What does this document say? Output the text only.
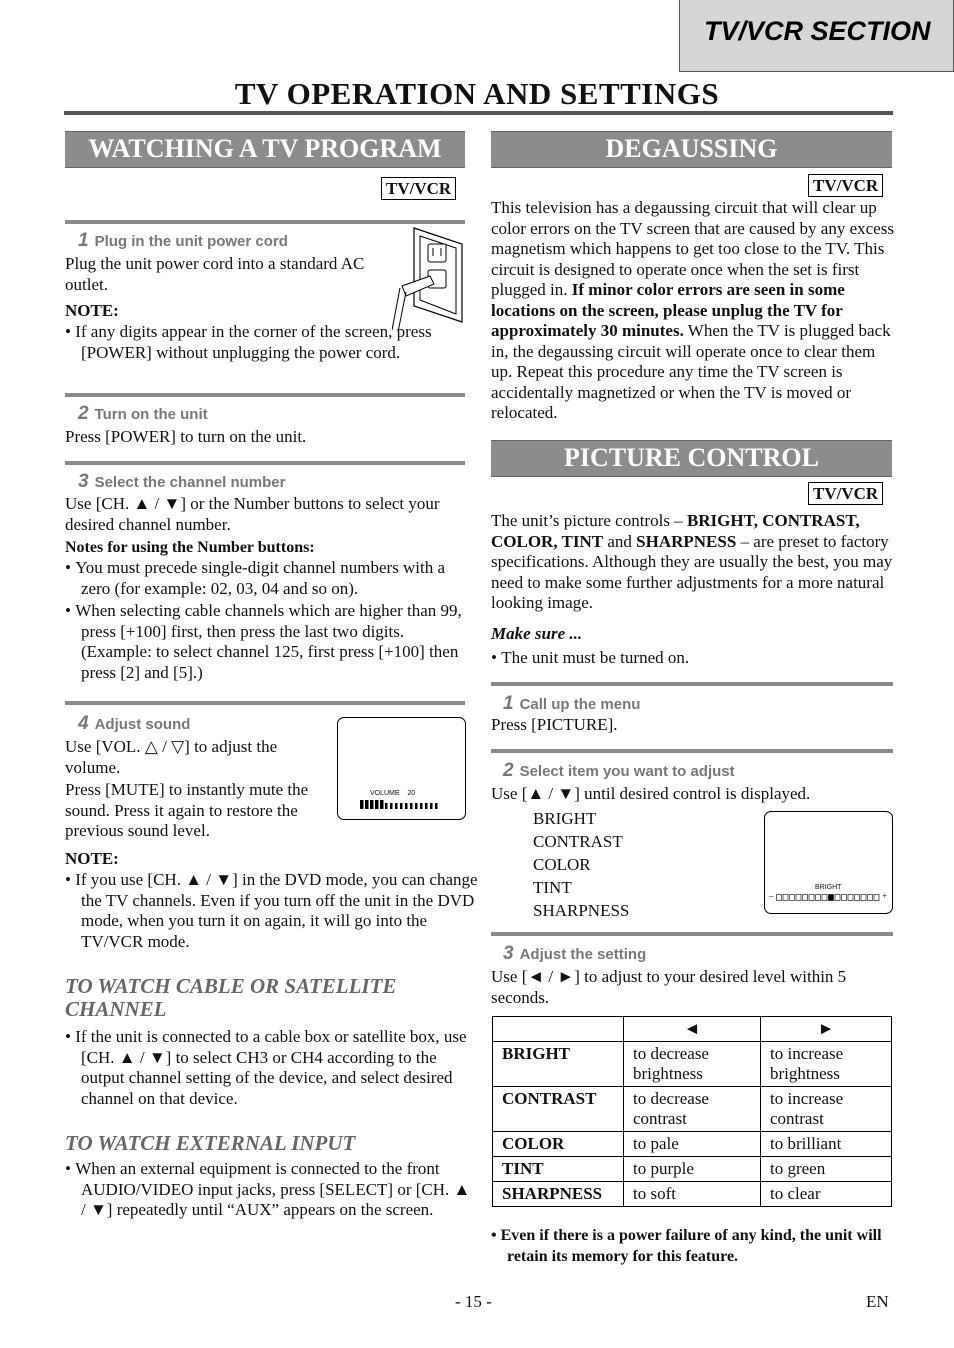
TV/VCR SECTION
TV OPERATION AND SETTINGS
WATCHING A TV PROGRAM
TV/VCR
1 Plug in the unit power cord
Plug the unit power cord into a standard AC outlet.
NOTE:
• If any digits appear in the corner of the screen, press [POWER] without unplugging the power cord.
2 Turn on the unit
Press [POWER] to turn on the unit.
3 Select the channel number
Use [CH. ▲ / ▼] or the Number buttons to select your desired channel number.
Notes for using the Number buttons:
• You must precede single-digit channel numbers with a zero (for example: 02, 03, 04 and so on).
• When selecting cable channels which are higher than 99, press [+100] first, then press the last two digits. (Example: to select channel 125, first press [+100] then press [2] and [5].)
4 Adjust sound
Use [VOL. △ / ▽] to adjust the volume.
Press [MUTE] to instantly mute the sound. Press it again to restore the previous sound level.
VOLUME 20
NOTE:
• If you use [CH. ▲ / ▼] in the DVD mode, you can change the TV channels. Even if you turn off the unit in the DVD mode, when you turn it on again, it will go into the TV/VCR mode.
TO WATCH CABLE OR SATELLITE CHANNEL
• If the unit is connected to a cable box or satellite box, use [CH. ▲ / ▼] to select CH3 or CH4 according to the output channel setting of the device, and select desired channel on that device.
TO WATCH EXTERNAL INPUT
• When an external equipment is connected to the front AUDIO/VIDEO input jacks, press [SELECT] or [CH. ▲ / ▼] repeatedly until “AUX” appears on the screen.
DEGAUSSING
TV/VCR
This television has a degaussing circuit that will clear up color errors on the TV screen that are caused by any excess magnetism which happens to get too close to the TV. This circuit is designed to operate once when the set is first plugged in. If minor color errors are seen in some locations on the screen, please unplug the TV for approximately 30 minutes. When the TV is plugged back in, the degaussing circuit will operate once to clear them up. Repeat this procedure any time the TV screen is accidentally magnetized or when the TV is moved or relocated.
PICTURE CONTROL
TV/VCR
The unit’s picture controls – BRIGHT, CONTRAST, COLOR, TINT and SHARPNESS – are preset to factory specifications. Although they are usually the best, you may need to make some further adjustments for a more natural looking image.
Make sure ...
• The unit must be turned on.
1 Call up the menu
Press [PICTURE].
2 Select item you want to adjust
Use [▲ / ▼] until desired control is displayed.
BRIGHT
CONTRAST
COLOR
TINT
SHARPNESS
BRIGHT
–	+
3 Adjust the setting
Use [◄ / ►] to adjust to your desired level within 5 seconds.
	◄	►
BRIGHT	to decrease brightness	to increase brightness
CONTRAST	to decrease contrast	to increase contrast
COLOR	to pale	to brilliant
TINT	to purple	to green
SHARPNESS	to soft	to clear
• Even if there is a power failure of any kind, the unit will retain its memory for this feature.
- 15 -	EN
